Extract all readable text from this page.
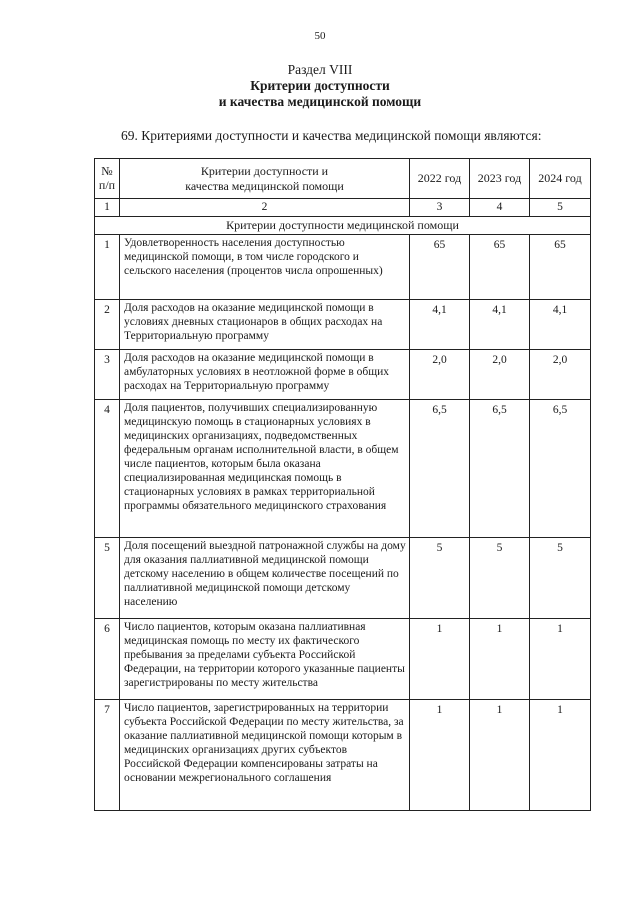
50
Раздел VIII
Критерии доступности
и качества медицинской помощи
69. Критериями доступности и качества медицинской помощи являются:
№ п/п	Критерии доступности и качества медицинской помощи	2022 год	2023 год	2024 год
1	2	3	4	5
Критерии доступности медицинской помощи				
1	Удовлетворенность населения доступностью медицинской помощи, в том числе городского и сельского населения (процентов числа опрошенных)	65	65	65
2	Доля расходов на оказание медицинской помощи в условиях дневных стационаров в общих расходах на Территориальную программу	4,1	4,1	4,1
3	Доля расходов на оказание медицинской помощи в амбулаторных условиях в неотложной форме в общих расходах на Территориальную программу	2,0	2,0	2,0
4	Доля пациентов, получивших специализированную медицинскую помощь в стационарных условиях в медицинских организациях, подведомственных федеральным органам исполнительной власти, в общем числе пациентов, которым была оказана специализированная медицинская помощь в стационарных условиях в рамках территориальной программы обязательного медицинского страхования	6,5	6,5	6,5
5	Доля посещений выездной патронажной службы на дому для оказания паллиативной медицинской помощи детскому населению в общем количестве посещений по паллиативной медицинской помощи детскому населению	5	5	5
6	Число пациентов, которым оказана паллиативная медицинская помощь по месту их фактического пребывания за пределами субъекта Российской Федерации, на территории которого указанные пациенты зарегистрированы по месту жительства	1	1	1
7	Число пациентов, зарегистрированных на территории субъекта Российской Федерации по месту жительства, за оказание паллиативной медицинской помощи которым в медицинских организациях других субъектов Российской Федерации компенсированы затраты на основании межрегионального соглашения	1	1	1
